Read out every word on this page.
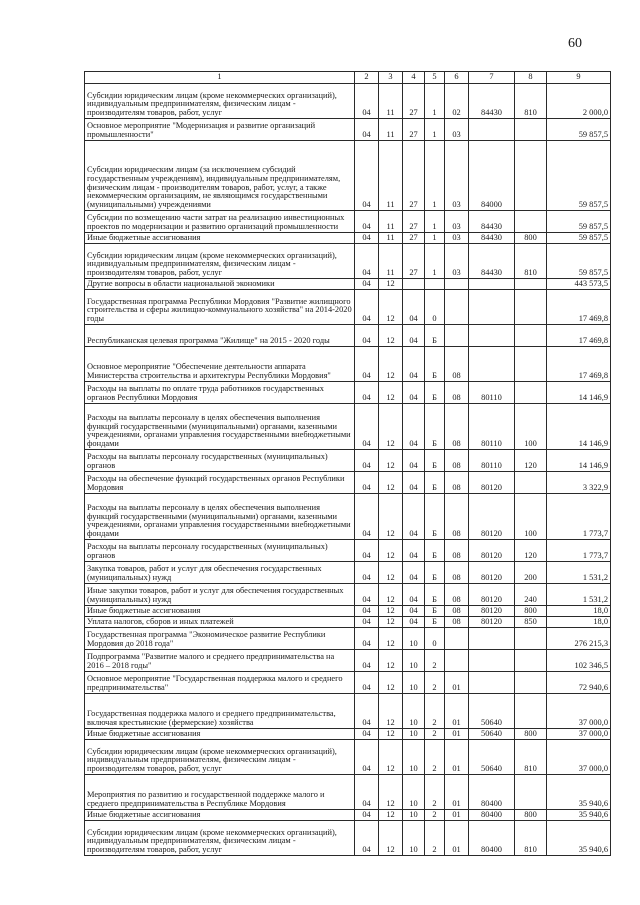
60
1	2	3	4	5	6	7	8	9
Субсидии юридическим лицам (кроме некоммерческих организаций), индивидуальным предпринимателям, физическим лицам - производителям товаров, работ, услуг	04	11	27	1	02	84430	810	2 000,0
Основное мероприятие "Модернизация и развитие организаций промышленности"	04	11	27	1	03			59 857,5
Субсидии юридическим лицам (за исключением субсидий государственным учреждениям), индивидуальным предпринимателям, физическим лицам - производителям товаров, работ, услуг, а также некоммерческим организациям, не являющимся государственными (муниципальными) учреждениями	04	11	27	1	03	84000		59 857,5
Субсидии по возмещению части затрат на реализацию инвестиционных проектов по модернизации и развитию организаций промышленности	04	11	27	1	03	84430		59 857,5
Иные бюджетные ассигнования	04	11	27	1	03	84430	800	59 857,5
Субсидии юридическим лицам (кроме некоммерческих организаций), индивидуальным предпринимателям, физическим лицам - производителям товаров, работ, услуг	04	11	27	1	03	84430	810	59 857,5
Другие вопросы в области национальной экономики	04	12						443 573,5
Государственная программа Республики Мордовия "Развитие жилищного строительства и сферы жилищно-коммунального хозяйства" на 2014-2020 годы	04	12	04	0				17 469,8
Республиканская целевая программа "Жилище" на 2015 - 2020 годы	04	12	04	Б				17 469,8
Основное мероприятие "Обеспечение деятельности аппарата Министерства строительства и архитектуры Республики Мордовия"	04	12	04	Б	08			17 469,8
Расходы на выплаты по оплате труда работников государственных органов Республики Мордовия	04	12	04	Б	08	80110		14 146,9
Расходы на выплаты персоналу в целях обеспечения выполнения функций государственными (муниципальными) органами, казенными учреждениями, органами управления государственными внебюджетными фондами	04	12	04	Б	08	80110	100	14 146,9
Расходы на выплаты персоналу государственных (муниципальных) органов	04	12	04	Б	08	80110	120	14 146,9
Расходы на обеспечение функций государственных органов Республики Мордовия	04	12	04	Б	08	80120		3 322,9
Расходы на выплаты персоналу в целях обеспечения выполнения функций государственными (муниципальными) органами, казенными учреждениями, органами управления государственными внебюджетными фондами	04	12	04	Б	08	80120	100	1 773,7
Расходы на выплаты персоналу государственных (муниципальных) органов	04	12	04	Б	08	80120	120	1 773,7
Закупка товаров, работ и услуг для обеспечения государственных (муниципальных) нужд	04	12	04	Б	08	80120	200	1 531,2
Иные закупки товаров, работ и услуг для обеспечения государственных (муниципальных) нужд	04	12	04	Б	08	80120	240	1 531,2
Иные бюджетные ассигнования	04	12	04	Б	08	80120	800	18,0
Уплата налогов, сборов и иных платежей	04	12	04	Б	08	80120	850	18,0
Государственная программа "Экономическое развитие Республики Мордовия до 2018 года"	04	12	10	0				276 215,3
Подпрограмма "Развитие малого и среднего предпринимательства на 2016 – 2018 годы"	04	12	10	2				102 346,5
Основное мероприятие "Государственная поддержка малого и среднего предпринимательства"	04	12	10	2	01			72 940,6
Государственная поддержка малого и среднего предпринимательства, включая крестьянские (фермерские) хозяйства	04	12	10	2	01	50640		37 000,0
Иные бюджетные ассигнования	04	12	10	2	01	50640	800	37 000,0
Субсидии юридическим лицам (кроме некоммерческих организаций), индивидуальным предпринимателям, физическим лицам - производителям товаров, работ, услуг	04	12	10	2	01	50640	810	37 000,0
Мероприятия по развитию и государственной поддержке малого и среднего предпринимательства в Республике Мордовия	04	12	10	2	01	80400		35 940,6
Иные бюджетные ассигнования	04	12	10	2	01	80400	800	35 940,6
Субсидии юридическим лицам (кроме некоммерческих организаций), индивидуальным предпринимателям, физическим лицам - производителям товаров, работ, услуг	04	12	10	2	01	80400	810	35 940,6
